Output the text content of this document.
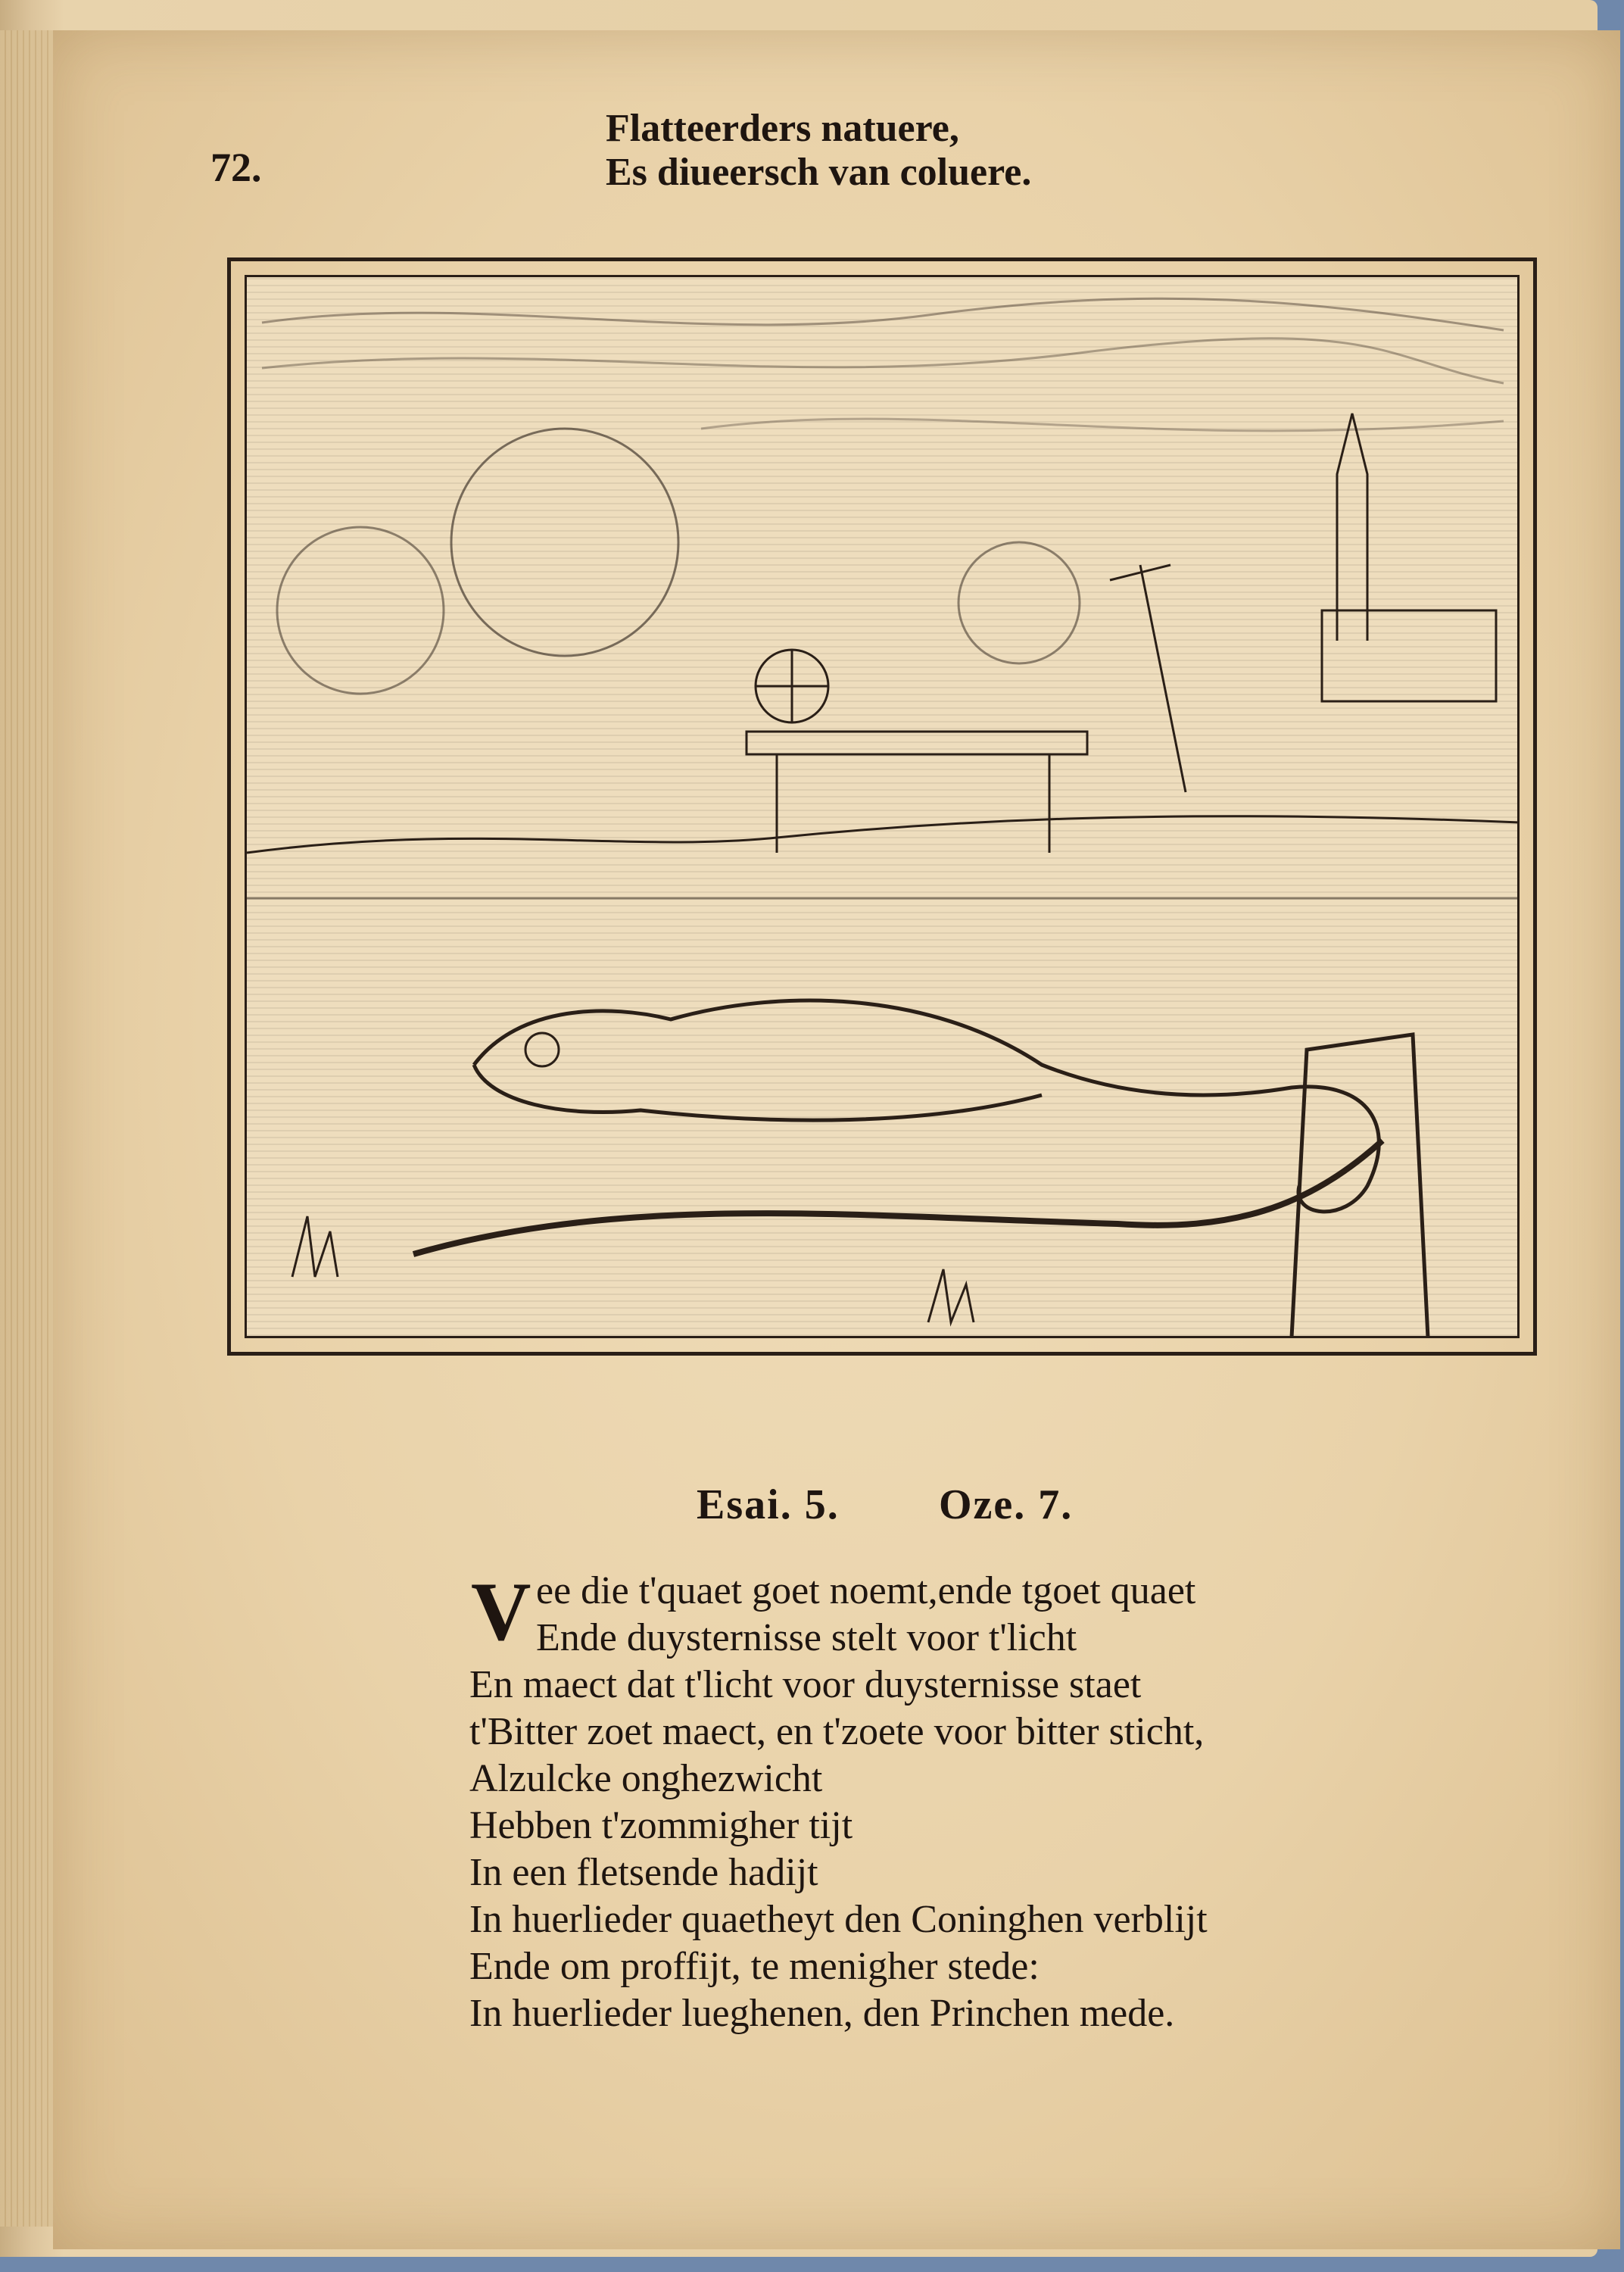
72.
Flatteerders natuere,
Es diueersch van coluere.
Esai. 5. Oze. 7.
V ee die t'quaet goet noemt,ende tgoet quaet
Ende duysternisse stelt voor t'licht
En maect dat t'licht voor duysternisse staet
t'Bitter zoet maect, en t'zoete voor bitter sticht,
Alzulcke onghezwicht
Hebben t'zommigher tijt
In een fletsende hadijt
In huerlieder quaetheyt den Coninghen verblijt
Ende om proffijt, te menigher stede:
In huerlieder lueghenen, den Princhen mede.
